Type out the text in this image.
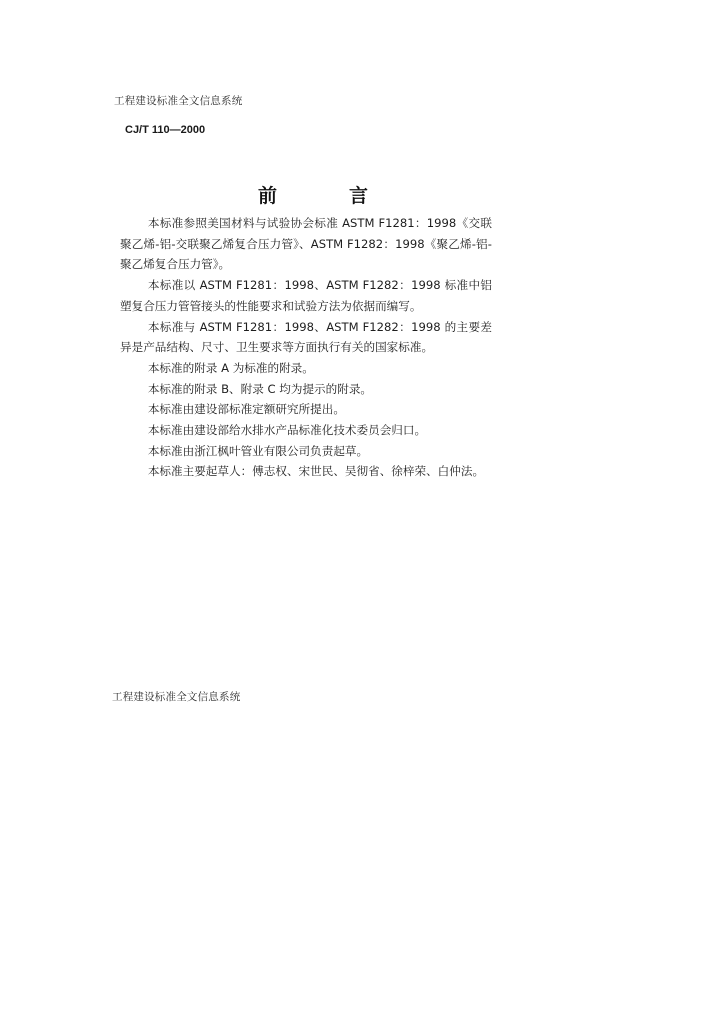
工程建设标准全文信息系统
CJ/T 110—2000
前	言

本标准参照美国材料与试验协会标准 ASTM F1281：1998《交联聚乙烯-铝-交联聚乙烯复合压力管》、ASTM F1282：1998《聚乙烯-铝-聚乙烯复合压力管》。

本标准以 ASTM F1281：1998、ASTM F1282：1998 标准中铝塑复合压力管管接头的性能要求和试验方法为依据而编写。

本标准与 ASTM F1281：1998、ASTM F1282：1998 的主要差异是产品结构、尺寸、卫生要求等方面执行有关的国家标准。

本标准的附录 A 为标准的附录。

本标准的附录 B、附录 C 均为提示的附录。

本标准由建设部标准定额研究所提出。

本标准由建设部给水排水产品标准化技术委员会归口。

本标准由浙江枫叶管业有限公司负责起草。

本标准主要起草人：傅志权、宋世民、吴彻省、徐梓荣、白仲法。

工程建设标准全文信息系统
